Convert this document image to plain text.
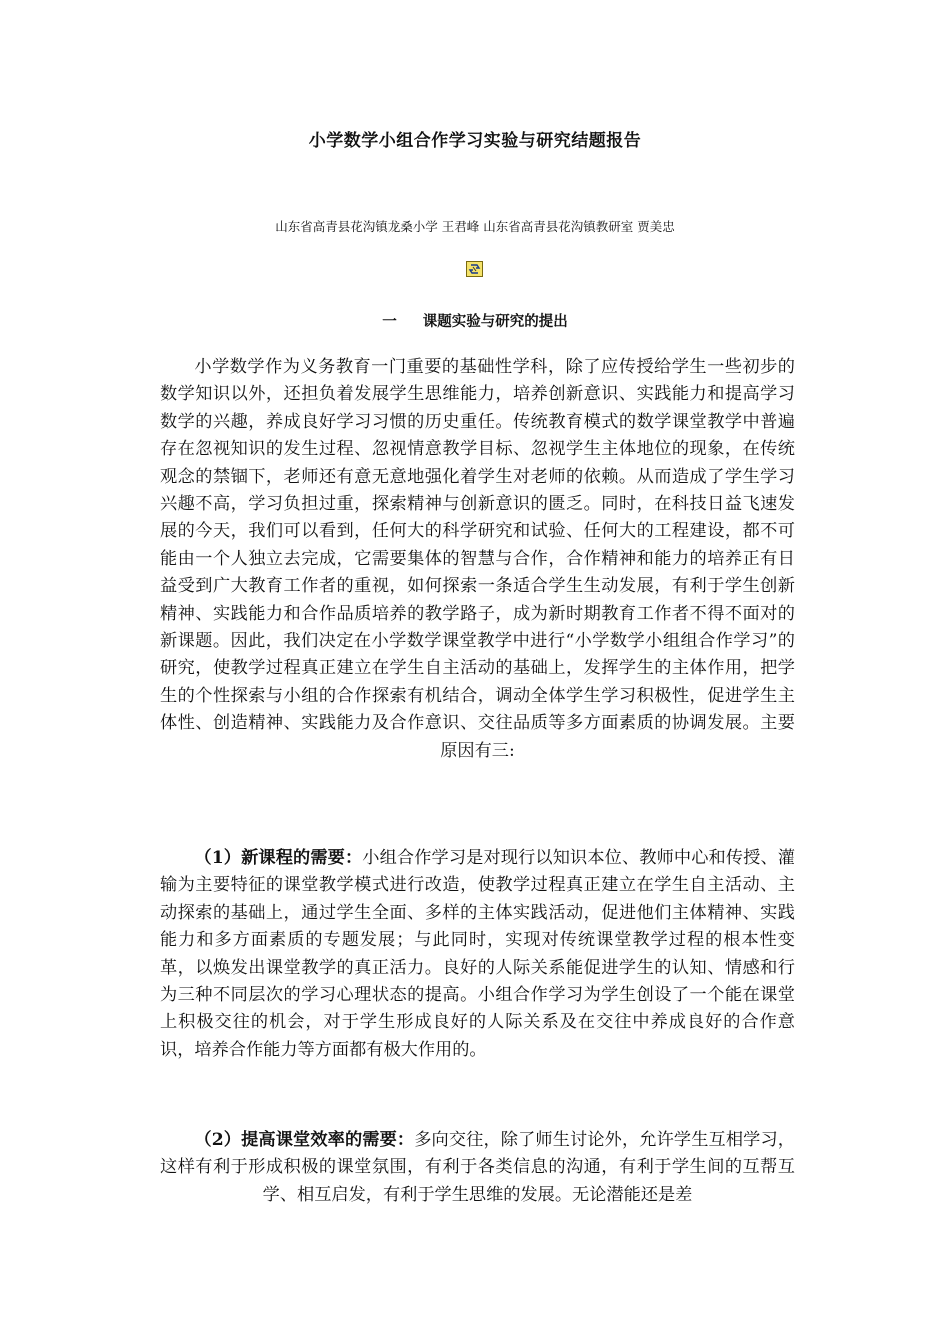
小学数学小组合作学习实验与研究结题报告
山东省高青县花沟镇龙桑小学 王君峰 山东省高青县花沟镇教研室 贾美忠
一 课题实验与研究的提出

小学数学作为义务教育一门重要的基础性学科，除了应传授给学生一些初步的数学知识以外，还担负着发展学生思维能力，培养创新意识、实践能力和提高学习数学的兴趣，养成良好学习习惯的历史重任。传统教育模式的数学课堂教学中普遍存在忽视知识的发生过程、忽视情意教学目标、忽视学生主体地位的现象，在传统观念的禁锢下，老师还有意无意地强化着学生对老师的依赖。从而造成了学生学习兴趣不高，学习负担过重，探索精神与创新意识的匮乏。同时，在科技日益飞速发展的今天，我们可以看到，任何大的科学研究和试验、任何大的工程建设，都不可能由一个人独立去完成，它需要集体的智慧与合作，合作精神和能力的培养正有日益受到广大教育工作者的重视，如何探索一条适合学生生动发展，有利于学生创新精神、实践能力和合作品质培养的教学路子，成为新时期教育工作者不得不面对的新课题。因此，我们决定在小学数学课堂教学中进行“小学数学小组组合作学习”的研究，使教学过程真正建立在学生自主活动的基础上，发挥学生的主体作用，把学生的个性探索与小组的合作探索有机结合，调动全体学生学习积极性，促进学生主体性、创造精神、实践能力及合作意识、交往品质等多方面素质的协调发展。主要原因有三:

（1）新课程的需要：小组合作学习是对现行以知识本位、教师中心和传授、灌输为主要特征的课堂教学模式进行改造，使教学过程真正建立在学生自主活动、主动探索的基础上，通过学生全面、多样的主体实践活动，促进他们主体精神、实践能力和多方面素质的专题发展；与此同时，实现对传统课堂教学过程的根本性变革，以焕发出课堂教学的真正活力。良好的人际关系能促进学生的认知、情感和行为三种不同层次的学习心理状态的提高。小组合作学习为学生创设了一个能在课堂上积极交往的机会，对于学生形成良好的人际关系及在交往中养成良好的合作意识，培养合作能力等方面都有极大作用的。

（2）提高课堂效率的需要：多向交往，除了师生讨论外，允许学生互相学习，这样有利于形成积极的课堂氛围，有利于各类信息的沟通，有利于学生间的互帮互学、相互启发，有利于学生思维的发展。无论潜能还是差
